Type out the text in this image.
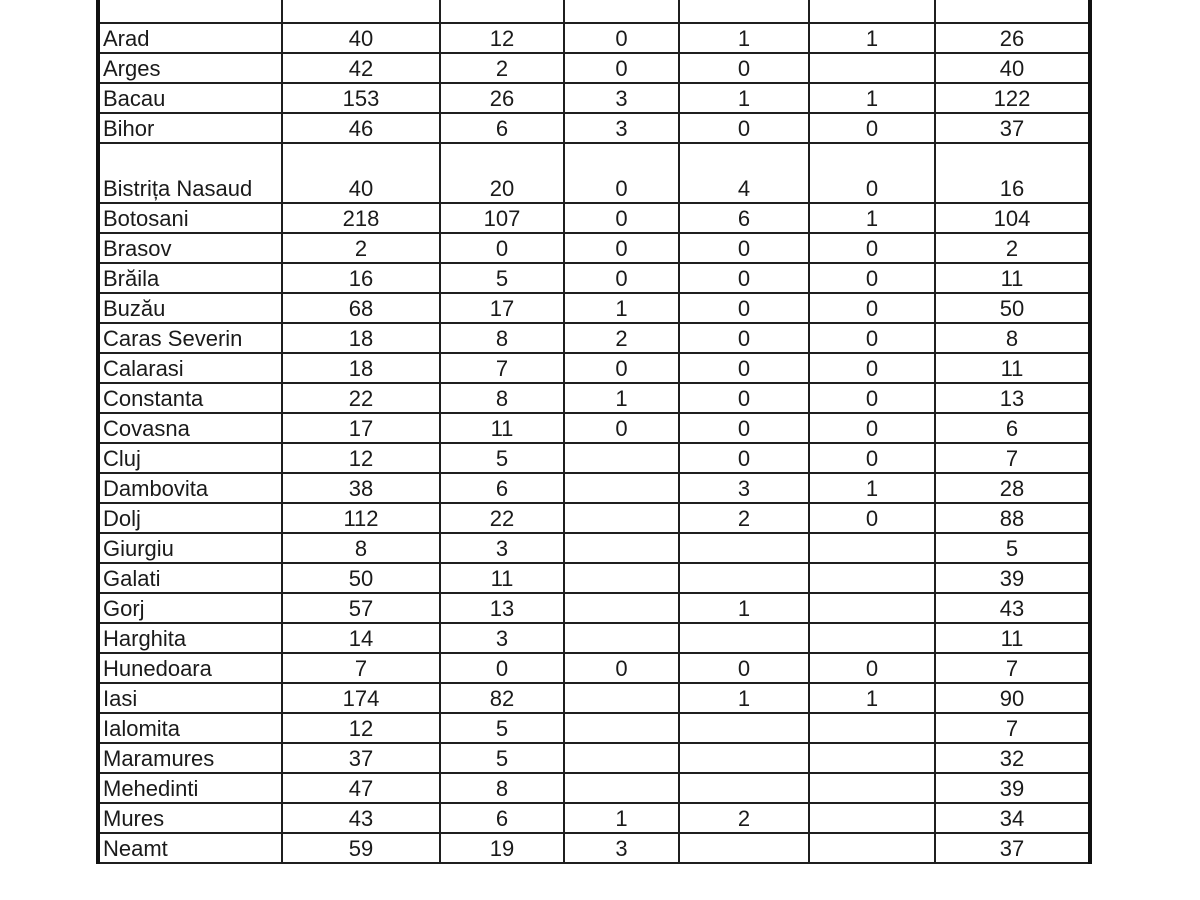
Arad	40	12	0	1	1	26
Arges	42	2	0	0		40
Bacau	153	26	3	1	1	122
Bihor	46	6	3	0	0	37
Bistrița Nasaud	40	20	0	4	0	16
Botosani	218	107	0	6	1	104
Brasov	2	0	0	0	0	2
Brăila	16	5	0	0	0	11
Buzău	68	17	1	0	0	50
Caras Severin	18	8	2	0	0	8
Calarasi	18	7	0	0	0	11
Constanta	22	8	1	0	0	13
Covasna	17	11	0	0	0	6
Cluj	12	5		0	0	7
Dambovita	38	6		3	1	28
Dolj	112	22		2	0	88
Giurgiu	8	3				5
Galati	50	11				39
Gorj	57	13		1		43
Harghita	14	3				11
Hunedoara	7	0	0	0	0	7
Iasi	174	82		1	1	90
Ialomita	12	5				7
Maramures	37	5				32
Mehedinti	47	8				39
Mures	43	6	1	2		34
Neamt	59	19	3			37
